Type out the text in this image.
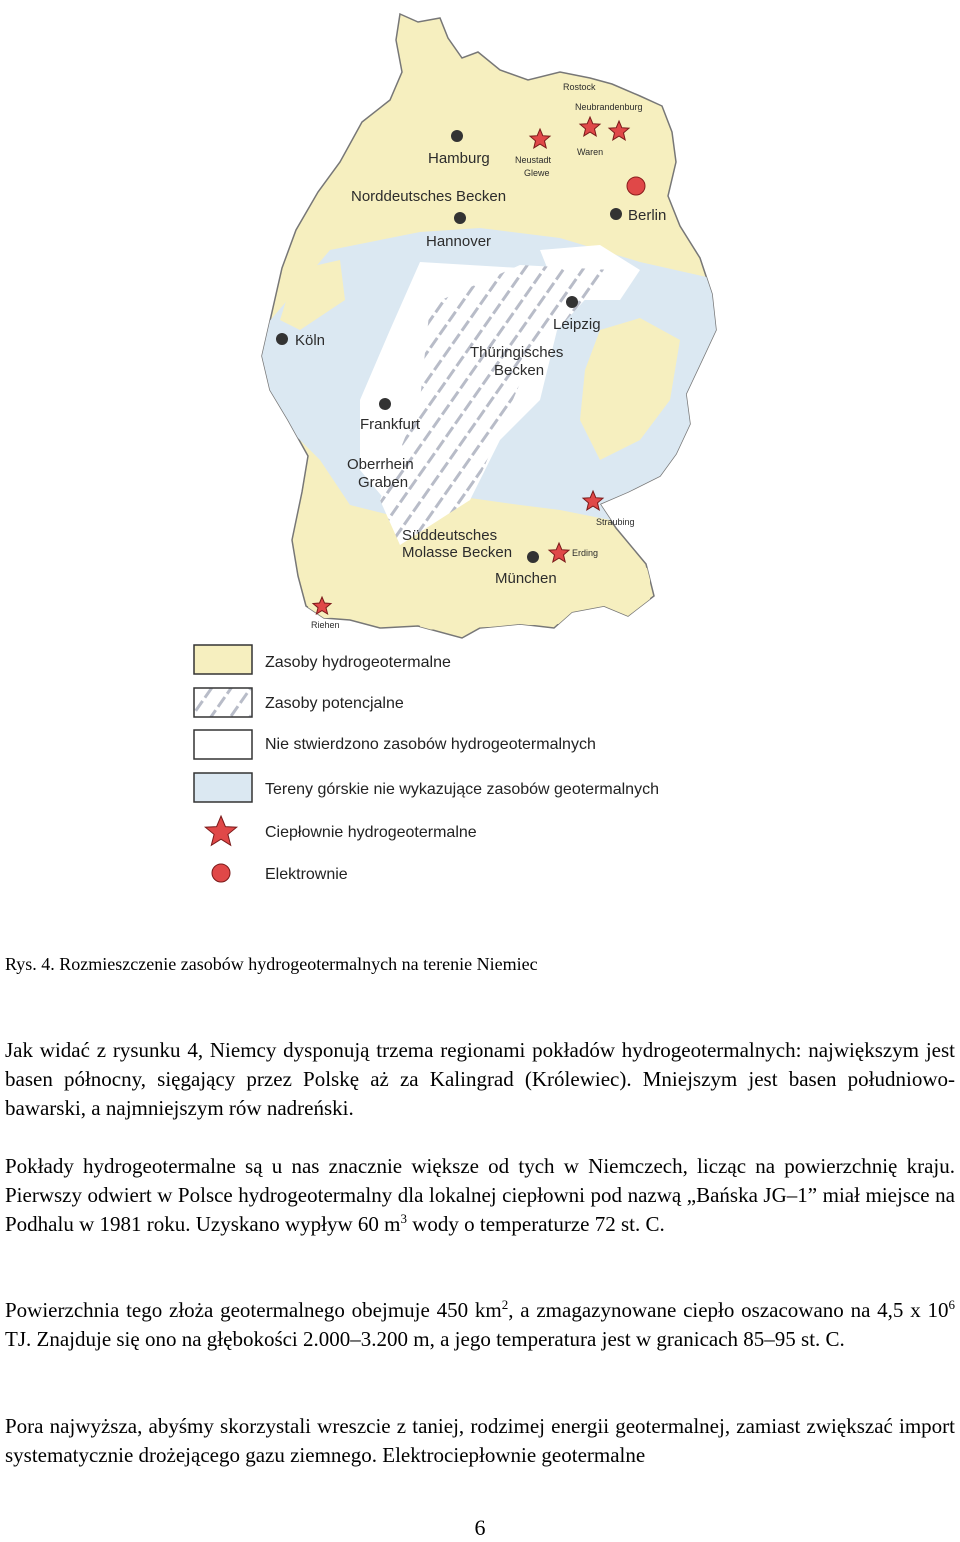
Hamburg
Berlin
Hannover
Köln
Leipzig
Frankfurt
München
Norddeutsches Becken
Thüringisches
Becken
Oberrhein
Graben
Süddeutsches
Molasse Becken
Rostock
Neubrandenburg
Neustadt
Glewe
Waren
Straubing
Erding
Riehen
Zasoby hydrogeotermalne
Zasoby potencjalne
Nie stwierdzono zasobów hydrogeotermalnych
Tereny górskie nie wykazujące zasobów geotermalnych
Ciepłownie hydrogeotermalne
Elektrownie
Rys. 4. Rozmieszczenie zasobów hydrogeotermalnych na terenie Niemiec

Jak widać z rysunku 4, Niemcy dysponują trzema regionami pokładów hydrogeotermalnych: największym jest basen północny, sięgający przez Polskę aż za Kalingrad (Królewiec). Mniejszym jest basen południowo-bawarski, a najmniejszym rów nadreński.

Pokłady hydrogeotermalne są u nas znacznie większe od tych w Niemczech, licząc na powierzchnię kraju. Pierwszy odwiert w Polsce hydrogeotermalny dla lokalnej ciepłowni pod nazwą „Bańska JG–1” miał miejsce na Podhalu w 1981 roku. Uzyskano wypływ 60 $m^3$ wody o temperaturze 72 st. C.

Powierzchnia tego złoża geotermalnego obejmuje 450 $km^2$, a zmagazynowane ciepło oszacowano na 4,5 x $10^6$ TJ. Znajduje się ono na głębokości 2.000–3.200 m, a jego temperatura jest w granicach 85–95 st. C.

Pora najwyższa, abyśmy skorzystali wreszcie z taniej, rodzimej energii geotermalnej, zamiast zwiększać import systematycznie drożejącego gazu ziemnego. Elektrociepłownie geotermalne

6
